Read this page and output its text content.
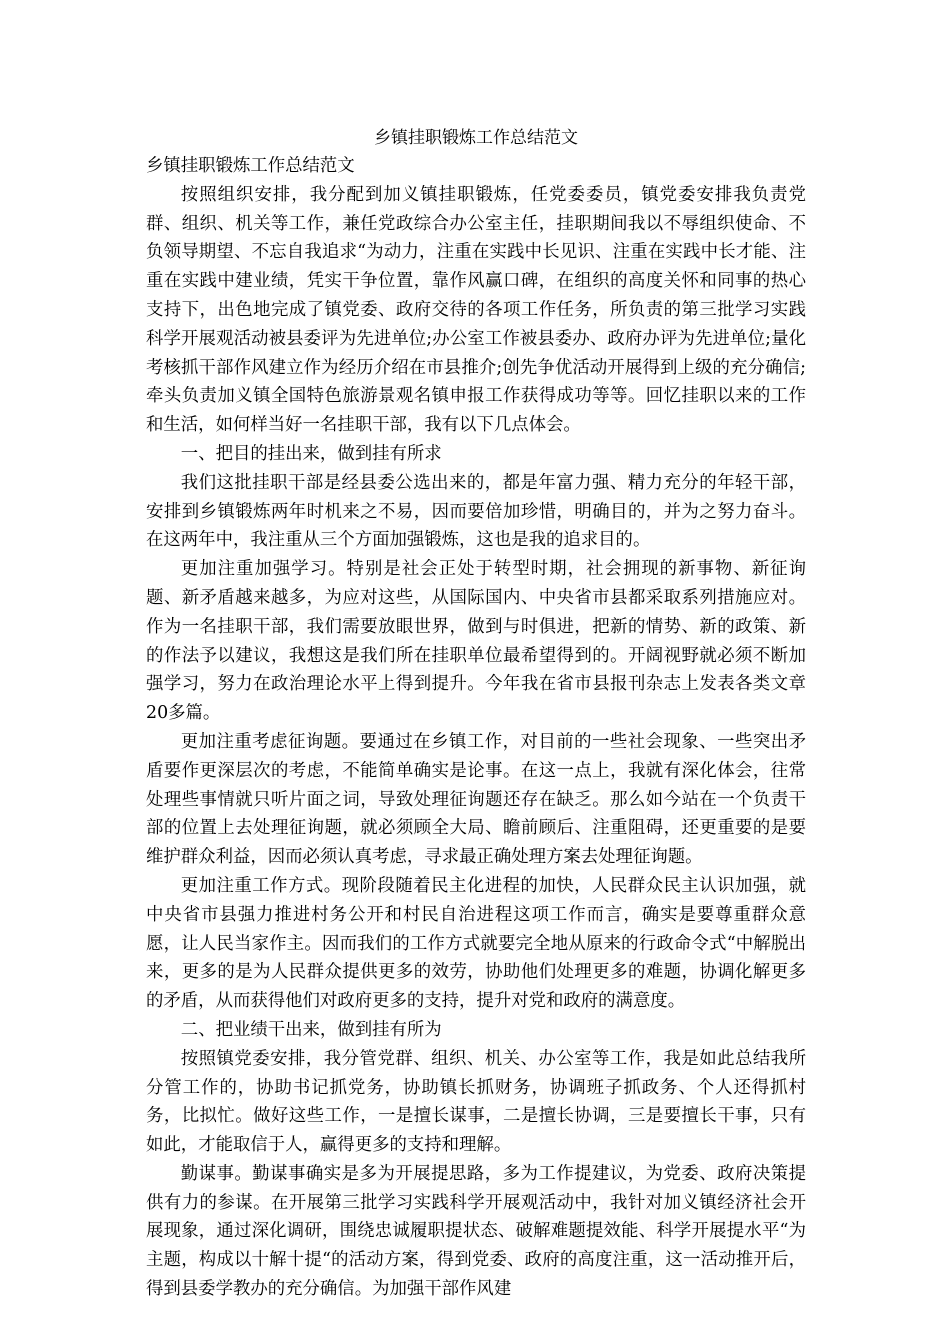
乡镇挂职锻炼工作总结范文
乡镇挂职锻炼工作总结范文

按照组织安排，我分配到加义镇挂职锻炼，任党委委员，镇党委安排我负责党群、组织、机关等工作，兼任党政综合办公室主任，挂职期间我以不辱组织使命、不负领导期望、不忘自我追求“为动力，注重在实践中长见识、注重在实践中长才能、注重在实践中建业绩，凭实干争位置，靠作风赢口碑，在组织的高度关怀和同事的热心支持下，出色地完成了镇党委、政府交待的各项工作任务，所负责的第三批学习实践科学开展观活动被县委评为先进单位;办公室工作被县委办、政府办评为先进单位;量化考核抓干部作风建立作为经历介绍在市县推介;创先争优活动开展得到上级的充分确信;牵头负责加义镇全国特色旅游景观名镇申报工作获得成功等等。回忆挂职以来的工作和生活，如何样当好一名挂职干部，我有以下几点体会。

一、把目的挂出来，做到挂有所求

我们这批挂职干部是经县委公选出来的，都是年富力强、精力充分的年轻干部，安排到乡镇锻炼两年时机来之不易，因而要倍加珍惜，明确目的，并为之努力奋斗。在这两年中，我注重从三个方面加强锻炼，这也是我的追求目的。

更加注重加强学习。特别是社会正处于转型时期，社会拥现的新事物、新征询题、新矛盾越来越多，为应对这些，从国际国内、中央省市县都采取系列措施应对。作为一名挂职干部，我们需要放眼世界，做到与时俱进，把新的情势、新的政策、新的作法予以建议，我想这是我们所在挂职单位最希望得到的。开阔视野就必须不断加强学习，努力在政治理论水平上得到提升。今年我在省市县报刊杂志上发表各类文章20多篇。

更加注重考虑征询题。要通过在乡镇工作，对目前的一些社会现象、一些突出矛盾要作更深层次的考虑，不能简单确实是论事。在这一点上，我就有深化体会，往常处理些事情就只听片面之词，导致处理征询题还存在缺乏。那么如今站在一个负责干部的位置上去处理征询题，就必须顾全大局、瞻前顾后、注重阻碍，还更重要的是要维护群众利益，因而必须认真考虑，寻求最正确处理方案去处理征询题。

更加注重工作方式。现阶段随着民主化进程的加快，人民群众民主认识加强，就中央省市县强力推进村务公开和村民自治进程这项工作而言，确实是要尊重群众意愿，让人民当家作主。因而我们的工作方式就要完全地从原来的行政命令式“中解脱出来，更多的是为人民群众提供更多的效劳，协助他们处理更多的难题，协调化解更多的矛盾，从而获得他们对政府更多的支持，提升对党和政府的满意度。

二、把业绩干出来，做到挂有所为

按照镇党委安排，我分管党群、组织、机关、办公室等工作，我是如此总结我所分管工作的，协助书记抓党务，协助镇长抓财务，协调班子抓政务、个人还得抓村务，比拟忙。做好这些工作，一是擅长谋事，二是擅长协调，三是要擅长干事，只有如此，才能取信于人，赢得更多的支持和理解。

勤谋事。勤谋事确实是多为开展提思路，多为工作提建议，为党委、政府决策提供有力的参谋。在开展第三批学习实践科学开展观活动中，我针对加义镇经济社会开展现象，通过深化调研，围绕忠诚履职提状态、破解难题提效能、科学开展提水平“为主题，构成以十解十提“的活动方案，得到党委、政府的高度注重，这一活动推开后，得到县委学教办的充分确信。为加强干部作风建
